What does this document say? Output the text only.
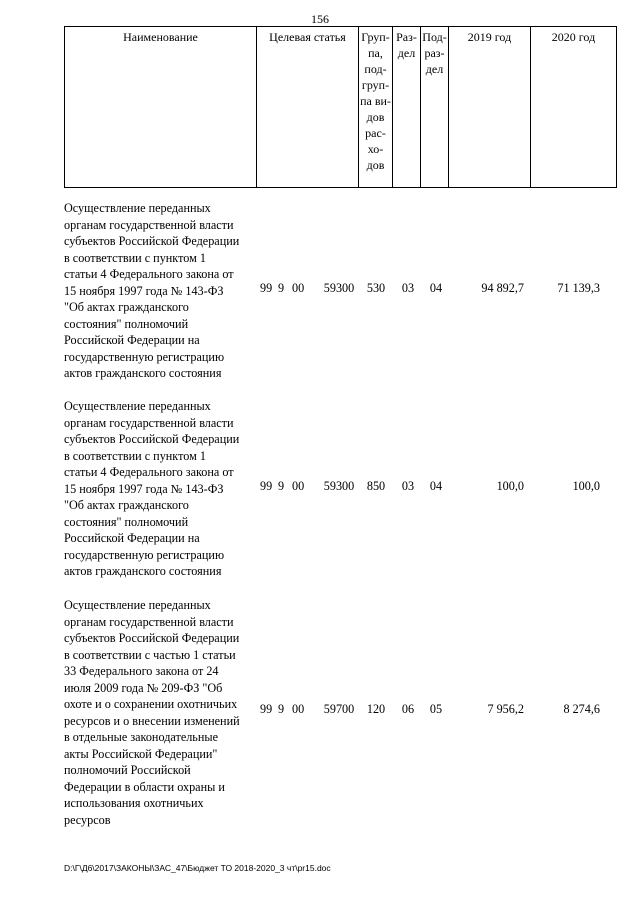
156
Наименование	Целевая статья	Груп-
па,
под-
груп-
па ви-
дов
рас-
хо-
дов	Раз-
дел	Под-
раз-
дел	2019 год	2020 год
Осуществление переданных
органам государственной власти
субъектов Российской Федерации
в соответствии с пунктом 1
статьи 4 Федерального закона от
15 ноября 1997 года № 143-ФЗ
"Об актах гражданского
состояния" полномочий
Российской Федерации на
государственную регистрацию
актов гражданского состояния
99 9 00	59300	530	03	04	94 892,7	71 139,3
Осуществление переданных
органам государственной власти
субъектов Российской Федерации
в соответствии с пунктом 1
статьи 4 Федерального закона от
15 ноября 1997 года № 143-ФЗ
"Об актах гражданского
состояния" полномочий
Российской Федерации на
государственную регистрацию
актов гражданского состояния
99 9 00	59300	850	03	04	100,0	100,0
Осуществление переданных
органам государственной власти
субъектов Российской Федерации
в соответствии с частью 1 статьи
33 Федерального закона от 24
июля 2009 года № 209-ФЗ "Об
охоте и о сохранении охотничьих
ресурсов и о внесении изменений
в отдельные законодательные
акты Российской Федерации"
полномочий Российской
Федерации в области охраны и
использования охотничьих
ресурсов
99 9 00	59700	120	06	05	7 956,2	8 274,6
D:\Г\Д6\2017\ЗАКОНЫ\ЗАС_47\Бюджет ТО 2018-2020_3 чт\pr15.doc
